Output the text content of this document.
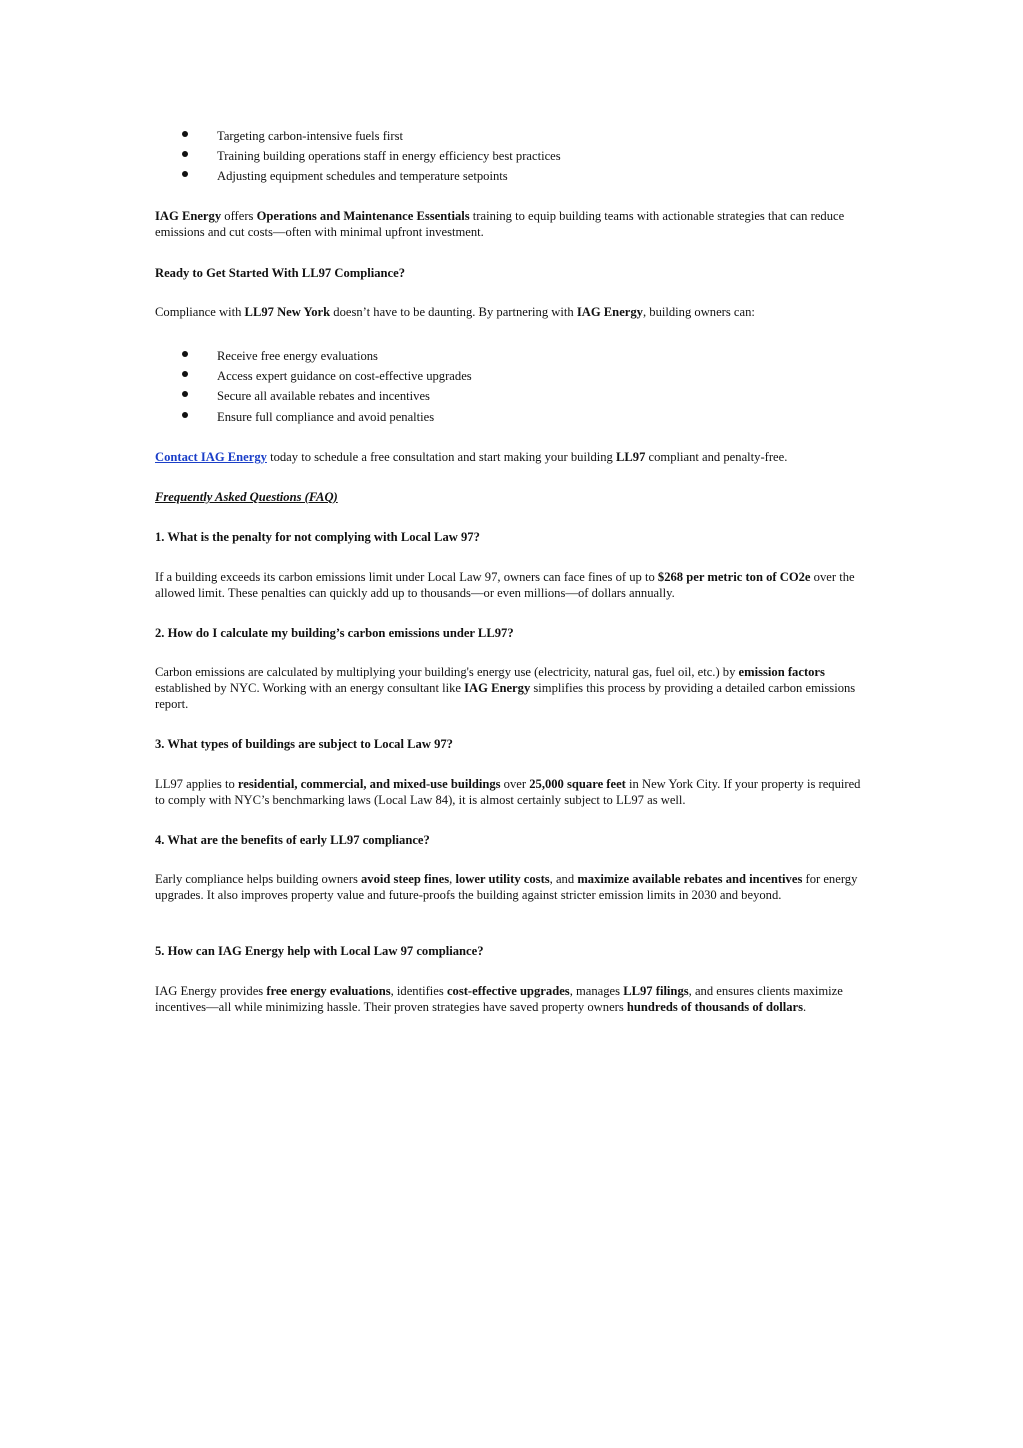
Targeting carbon-intensive fuels first
Training building operations staff in energy efficiency best practices
Adjusting equipment schedules and temperature setpoints

IAG Energy offers Operations and Maintenance Essentials training to equip building teams with actionable strategies that can reduce emissions and cut costs—often with minimal upfront investment.

Ready to Get Started With LL97 Compliance?

Compliance with LL97 New York doesn’t have to be daunting. By partnering with IAG Energy, building owners can:

Receive free energy evaluations
Access expert guidance on cost-effective upgrades
Secure all available rebates and incentives
Ensure full compliance and avoid penalties

Contact IAG Energy today to schedule a free consultation and start making your building LL97 compliant and penalty-free.

Frequently Asked Questions (FAQ)

1. What is the penalty for not complying with Local Law 97?

If a building exceeds its carbon emissions limit under Local Law 97, owners can face fines of up to $268 per metric ton of CO2e over the allowed limit. These penalties can quickly add up to thousands—or even millions—of dollars annually.

2. How do I calculate my building’s carbon emissions under LL97?

Carbon emissions are calculated by multiplying your building's energy use (electricity, natural gas, fuel oil, etc.) by emission factors established by NYC. Working with an energy consultant like IAG Energy simplifies this process by providing a detailed carbon emissions report.

3. What types of buildings are subject to Local Law 97?

LL97 applies to residential, commercial, and mixed-use buildings over 25,000 square feet in New York City. If your property is required to comply with NYC’s benchmarking laws (Local Law 84), it is almost certainly subject to LL97 as well.

4. What are the benefits of early LL97 compliance?

Early compliance helps building owners avoid steep fines, lower utility costs, and maximize available rebates and incentives for energy upgrades. It also improves property value and future-proofs the building against stricter emission limits in 2030 and beyond.

5. How can IAG Energy help with Local Law 97 compliance?

IAG Energy provides free energy evaluations, identifies cost-effective upgrades, manages LL97 filings, and ensures clients maximize incentives—all while minimizing hassle. Their proven strategies have saved property owners hundreds of thousands of dollars.
